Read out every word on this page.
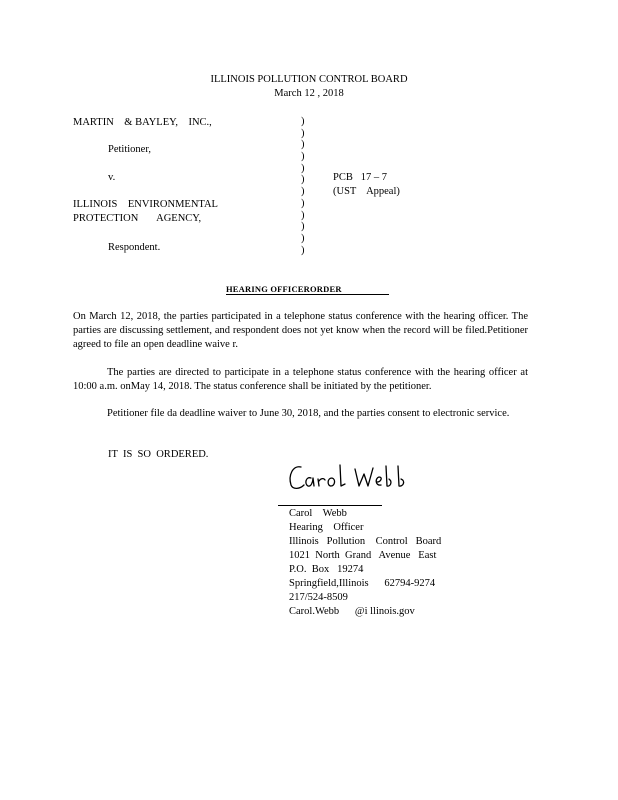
ILLINOIS POLLUTION CONTROL BOARD
March 12 , 2018
MARTIN    & BAYLEY,    INC.,
Petitioner,
v.
ILLINOIS    ENVIRONMENTAL
PROTECTION       AGENCY,
Respondent.
)
)
)
)
)
)
)
)
)
)
)
)
PCB   17 – 7
(UST    Appeal)
HEARING OFFICERORDER
On March 12, 2018, the parties participated in a telephone status conference with the hearing officer. The parties are discussing settlement, and respondent does not yet know when the record will be filed.Petitioner agreed to file an open deadline waive r.
The parties are directed to participate in a telephone status conference with the hearing officer at 10:00 a.m. onMay 14, 2018. The status conference shall be initiated by the petitioner.
Petitioner file da deadline waiver to June 30, 2018, and the parties consent to electronic service.
IT  IS  SO  ORDERED.
Carol    Webb
Hearing    Officer
Illinois   Pollution    Control   Board
1021  North  Grand   Avenue   East
P.O.  Box   19274
Springfield,Illinois      62794-9274
217/524-8509
Carol.Webb      @i llinois.gov
